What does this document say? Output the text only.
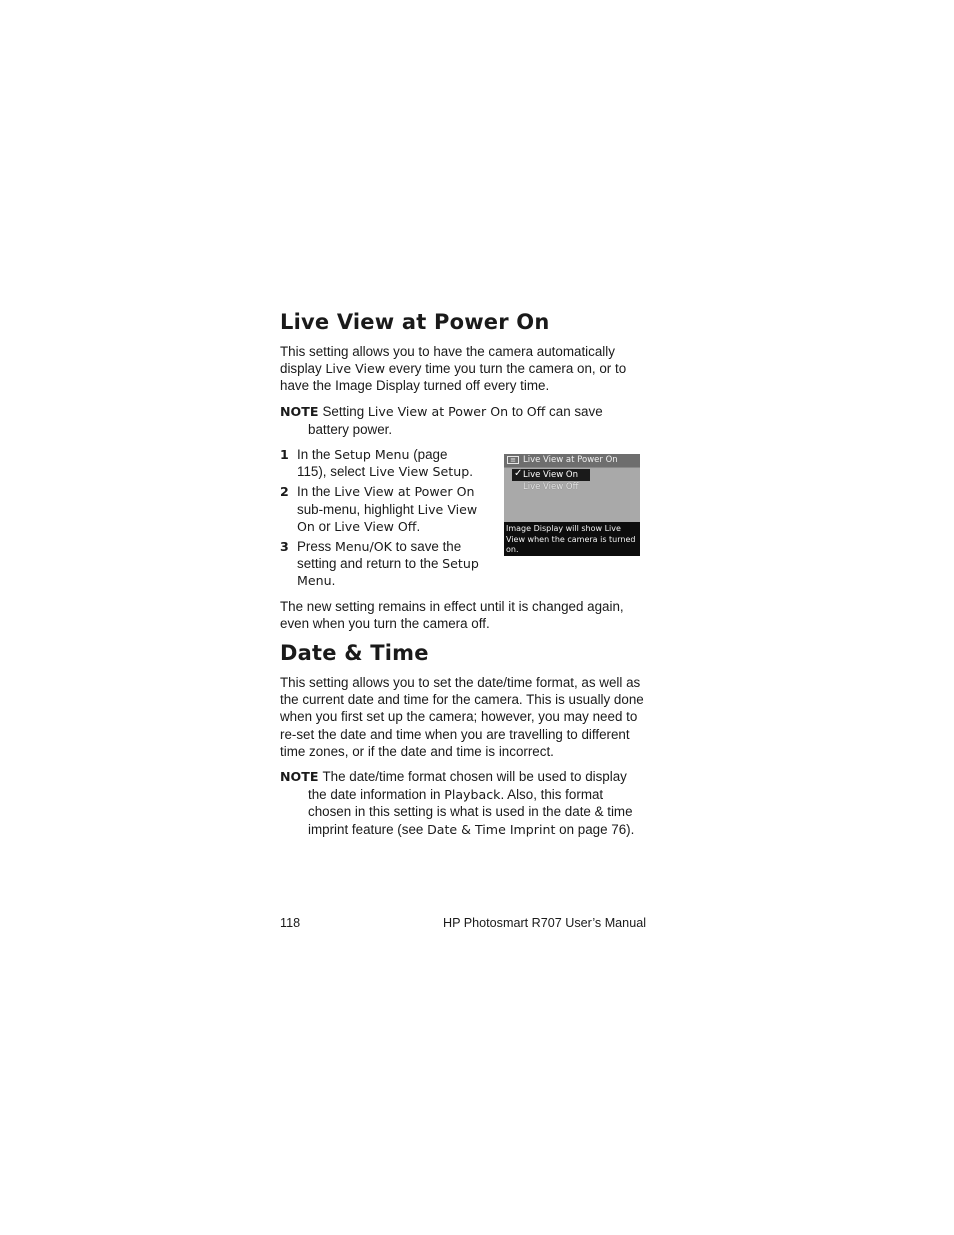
Live View at Power On

This setting allows you to have the camera automatically display Live View every time you turn the camera on, or to have the Image Display turned off every time.

NOTE Setting Live View at Power On to Off can save battery power.
1 In the Setup Menu (page 115), select Live View Setup.
2 In the Live View at Power On sub-menu, highlight Live View On or Live View Off.
3 Press Menu/OK to save the setting and return to the Setup Menu.
≡ Live View at Power On
✓ Live View On
Live View Off
Image Display will show Live View when the camera is turned on.

The new setting remains in effect until it is changed again, even when you turn the camera off.

Date & Time

This setting allows you to set the date/time format, as well as the current date and time for the camera. This is usually done when you first set up the camera; however, you may need to re-set the date and time when you are travelling to different time zones, or if the date and time is incorrect.

NOTE The date/time format chosen will be used to display the date information in Playback. Also, this format chosen in this setting is what is used in the date & time imprint feature (see Date & Time Imprint on page 76).
118	HP Photosmart R707 User’s Manual
